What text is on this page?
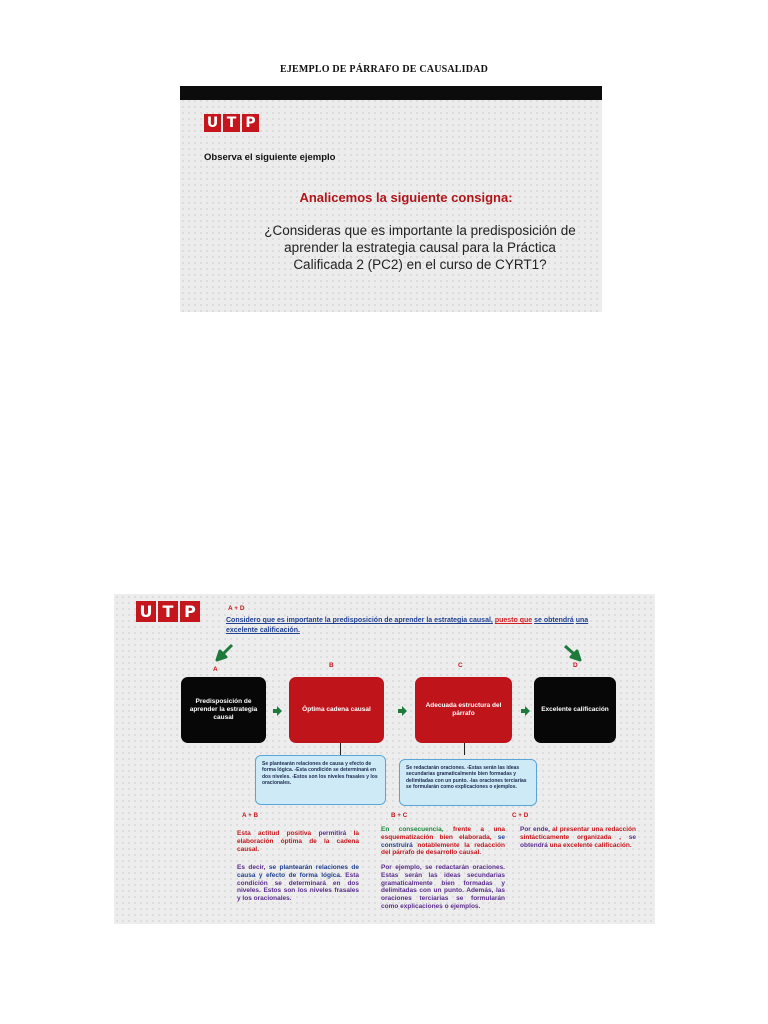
EJEMPLO DE PÁRRAFO DE CAUSALIDAD
U T P
Observa el siguiente ejemplo
Analicemos la siguiente consigna:
¿Consideras que es importante la predisposición de aprender la estrategia causal para la Práctica Calificada 2 (PC2) en el curso de CYRT1?
U T P	A + D
Considero que es importante la predisposición de aprender la estrategia causal, puesto que se obtendrá una excelente calificación.
A
B	C	D
Predisposición de aprender la estrategia causal
Óptima cadena causal
Adecuada estructura del párrafo
Excelente calificación
Se plantearán relaciones de causa y efecto de forma lógica. -Esta condición se determinará en dos niveles. -Estos son los niveles frasales y los oracionales.
Se redactarán oraciones. -Estas serán las ideas secundarias gramaticalmente bien formadas y delimitadas con un punto. -las oraciones terciarias se formularán como explicaciones o ejemplos.
A + B	B + C	C + D
Esta actitud positiva permitirá la elaboración óptima de la cadena causal.
Es decir, se plantearán relaciones de causa y efecto de forma lógica. Esta condición se determinará en dos niveles. Estos son los niveles frasales y los oracionales.
En consecuencia, frente a una esquematización bien elaborada, se construirá notablemente la redacción del párrafo de desarrollo causal.
Por ejemplo, se redactarán oraciones. Estas serán las ideas secundarias gramaticalmente bien formadas y delimitadas con un punto. Además, las oraciones terciarias se formularán como explicaciones o ejemplos.
Por ende, al presentar una redacción sintácticamente organizada , se obtendrá una excelente calificación.
